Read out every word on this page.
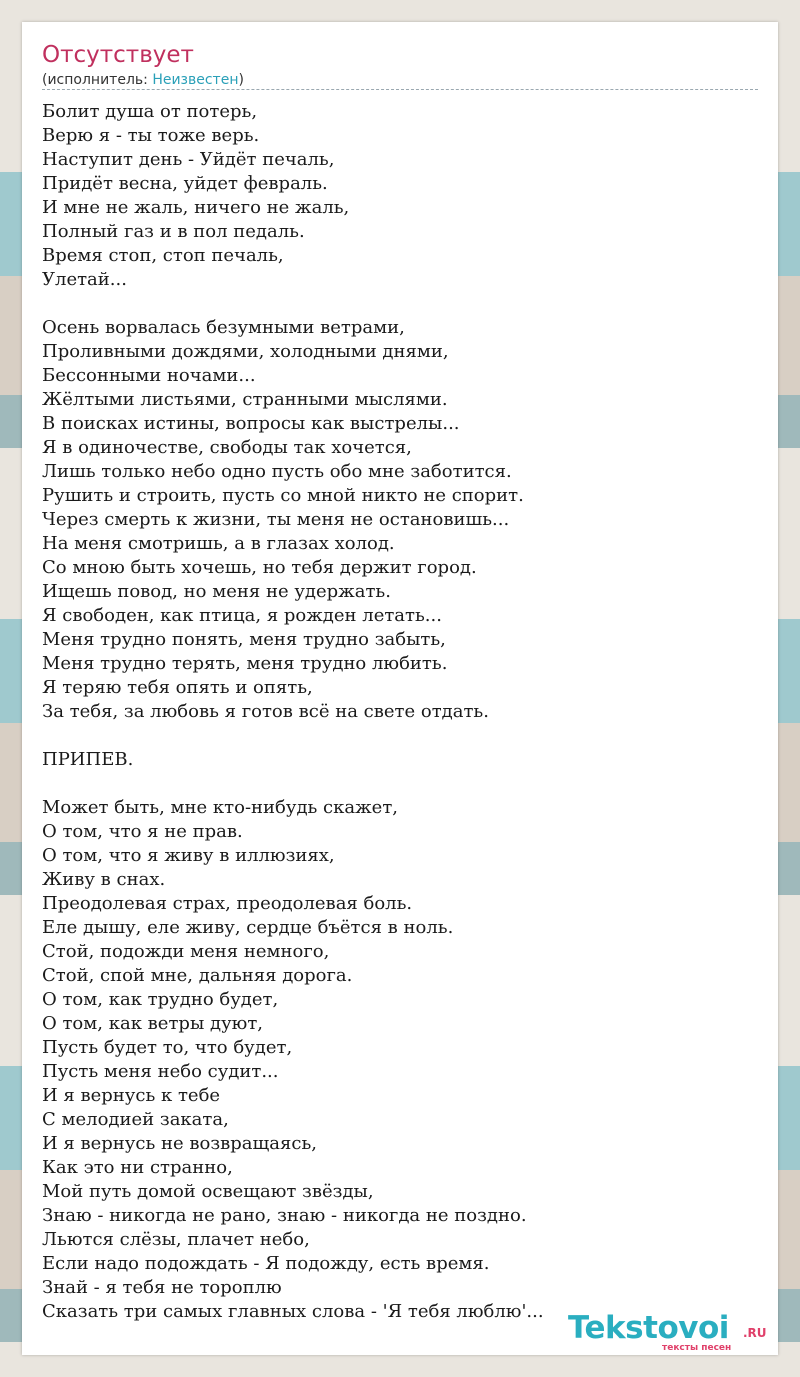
Отсутствует
(исполнитель: Неизвестен)
Болит душа от потерь,
Верю я - ты тоже верь.
Наступит день - Уйдёт печаль,
Придёт весна, уйдет февраль.
И мне не жаль, ничего не жаль,
Полный газ и в пол педаль.
Время стоп, стоп печаль,
Улетай...
Осень ворвалась безумными ветрами,
Проливными дождями, холодными днями,
Бессонными ночами...
Жёлтыми листьями, странными мыслями.
В поисках истины, вопросы как выстрелы...
Я в одиночестве, свободы так хочется,
Лишь только небо одно пусть обо мне заботится.
Рушить и строить, пусть со мной никто не спорит.
Через смерть к жизни, ты меня не остановишь...
На меня смотришь, а в глазах холод.
Со мною быть хочешь, но тебя держит город.
Ищешь повод, но меня не удержать.
Я свободен, как птица, я рожден летать...
Меня трудно понять, меня трудно забыть,
Меня трудно терять, меня трудно любить.
Я теряю тебя опять и опять,
За тебя, за любовь я готов всё на свете отдать.
ПРИПЕВ.
Может быть, мне кто-нибудь скажет,
О том, что я не прав.
О том, что я живу в иллюзиях,
Живу в снах.
Преодолевая страх, преодолевая боль.
Еле дышу, еле живу, сердце бъётся в ноль.
Стой, подожди меня немного,
Стой, спой мне, дальняя дорога.
О том, как трудно будет,
О том, как ветры дуют,
Пусть будет то, что будет,
Пусть меня небо судит...
И я вернусь к тебе
С мелодией заката,
И я вернусь не возвращаясь,
Как это ни странно,
Мой путь домой освещают звёзды,
Знаю - никогда не рано, знаю - никогда не поздно.
Льются слёзы, плачет небо,
Если надо подождать - Я подожду, есть время.
Знай - я тебя не тороплю
Сказать три самых главных слова - 'Я тебя люблю'... Tekstovoi .RU
тексты песен
